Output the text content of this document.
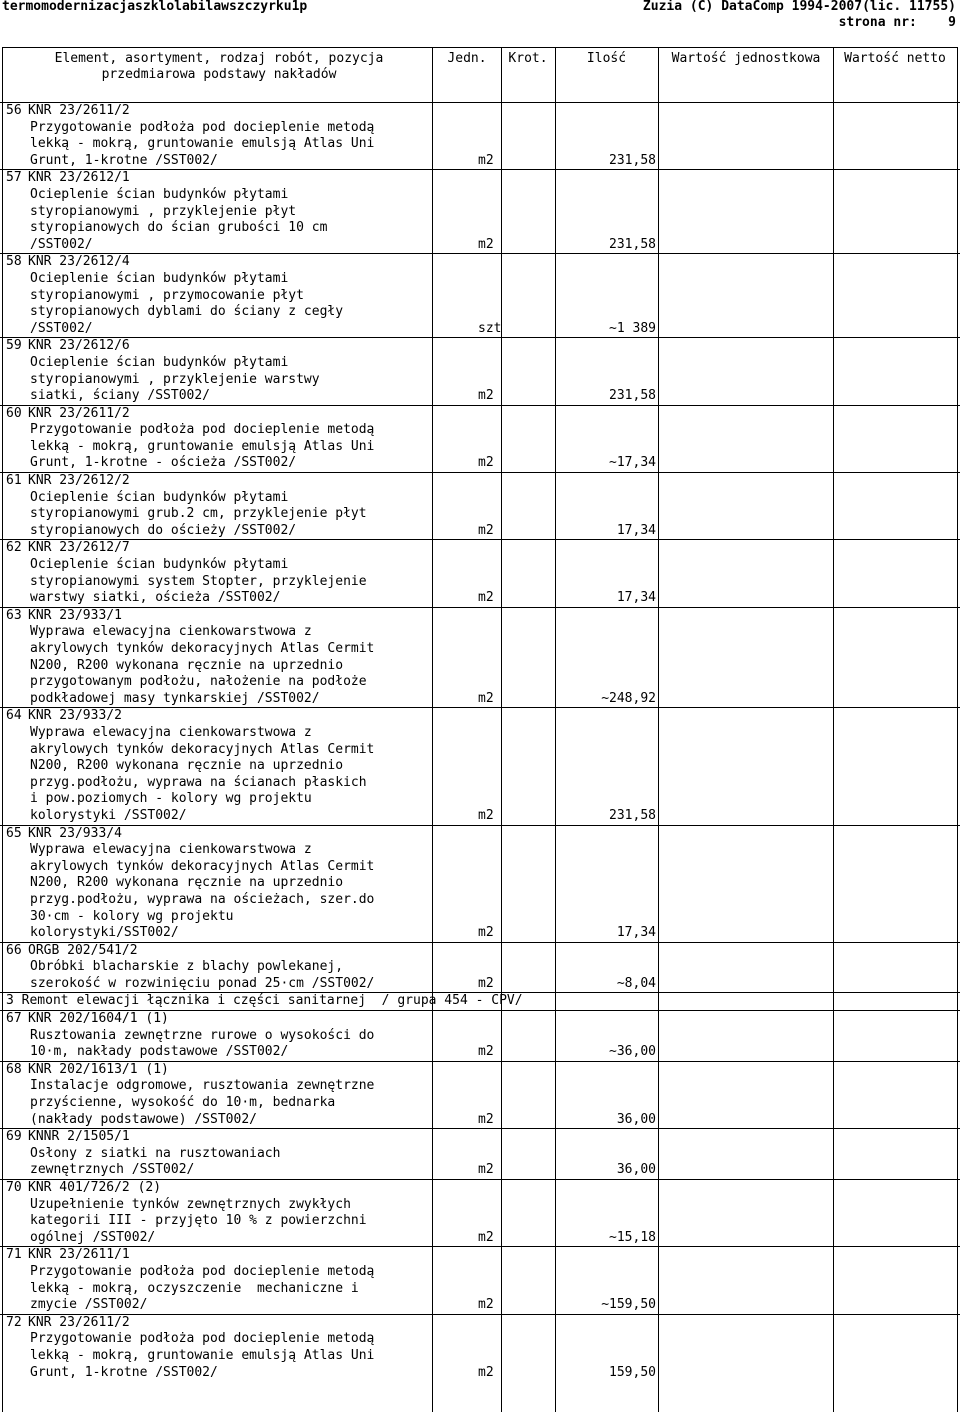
termomodernizacjaszklolabilawszczyrku1p	Zuzia (C) DataComp 1994-2007(lic. 11755)
strona nr: 9
Element, asortyment, rodzaj robót, pozycja przedmiarowa podstawy nakładów
Jedn.	Krot.	Ilość	Wartość jednostkowa	Wartość netto
56 KNR 23/2611/2
Przygotowanie podłoża pod docieplenie metodą
lekką - mokrą, gruntowanie emulsją Atlas Uni
Grunt, 1-krotne /SST002/	m2	231,58
57 KNR 23/2612/1
Ocieplenie ścian budynków płytami
styropianowymi , przyklejenie płyt
styropianowych do ścian grubości 10 cm
/SST002/	m2	231,58
58 KNR 23/2612/4
Ocieplenie ścian budynków płytami
styropianowymi , przymocowanie płyt
styropianowych dyblami do ściany z cegły
/SST002/	szt	~1 389
59 KNR 23/2612/6
Ocieplenie ścian budynków płytami
styropianowymi , przyklejenie warstwy
siatki, ściany /SST002/	m2	231,58
60 KNR 23/2611/2
Przygotowanie podłoża pod docieplenie metodą
lekką - mokrą, gruntowanie emulsją Atlas Uni
Grunt, 1-krotne - ościeża /SST002/	m2	~17,34
61 KNR 23/2612/2
Ocieplenie ścian budynków płytami
styropianowymi grub.2 cm, przyklejenie płyt
styropianowych do ościeży /SST002/	m2	17,34
62 KNR 23/2612/7
Ocieplenie ścian budynków płytami
styropianowymi system Stopter, przyklejenie
warstwy siatki, ościeża /SST002/	m2	17,34
63 KNR 23/933/1
Wyprawa elewacyjna cienkowarstwowa z
akrylowych tynków dekoracyjnych Atlas Cermit
N200, R200 wykonana ręcznie na uprzednio
przygotowanym podłożu, nałożenie na podłoże
podkładowej masy tynkarskiej /SST002/	m2	~248,92
64 KNR 23/933/2
Wyprawa elewacyjna cienkowarstwowa z
akrylowych tynków dekoracyjnych Atlas Cermit
N200, R200 wykonana ręcznie na uprzednio
przyg.podłożu, wyprawa na ścianach płaskich
i pow.poziomych - kolory wg projektu
kolorystyki /SST002/	m2	231,58
65 KNR 23/933/4
Wyprawa elewacyjna cienkowarstwowa z
akrylowych tynków dekoracyjnych Atlas Cermit
N200, R200 wykonana ręcznie na uprzednio
przyg.podłożu, wyprawa na ościeżach, szer.do
30·cm - kolory wg projektu
kolorystyki/SST002/	m2	17,34
66 ORGB 202/541/2
Obróbki blacharskie z blachy powlekanej,
szerokość w rozwinięciu ponad 25·cm /SST002/	m2	~8,04
3 Remont elewacji łącznika i części sanitarnej  / grupa 454 - CPV/
67 KNR 202/1604/1 (1)
Rusztowania zewnętrzne rurowe o wysokości do
10·m, nakłady podstawowe /SST002/	m2	~36,00
68 KNR 202/1613/1 (1)
Instalacje odgromowe, rusztowania zewnętrzne
przyścienne, wysokość do 10·m, bednarka
(nakłady podstawowe) /SST002/	m2	36,00
69 KNNR 2/1505/1
Osłony z siatki na rusztowaniach
zewnętrznych /SST002/	m2	36,00
70 KNR 401/726/2 (2)
Uzupełnienie tynków zewnętrznych zwykłych
kategorii III - przyjęto 10 % z powierzchni
ogólnej /SST002/	m2	~15,18
71 KNR 23/2611/1
Przygotowanie podłoża pod docieplenie metodą
lekką - mokrą, oczyszczenie  mechaniczne i
zmycie /SST002/	m2	~159,50
72 KNR 23/2611/2
Przygotowanie podłoża pod docieplenie metodą
lekką - mokrą, gruntowanie emulsją Atlas Uni
Grunt, 1-krotne /SST002/	m2	159,50
